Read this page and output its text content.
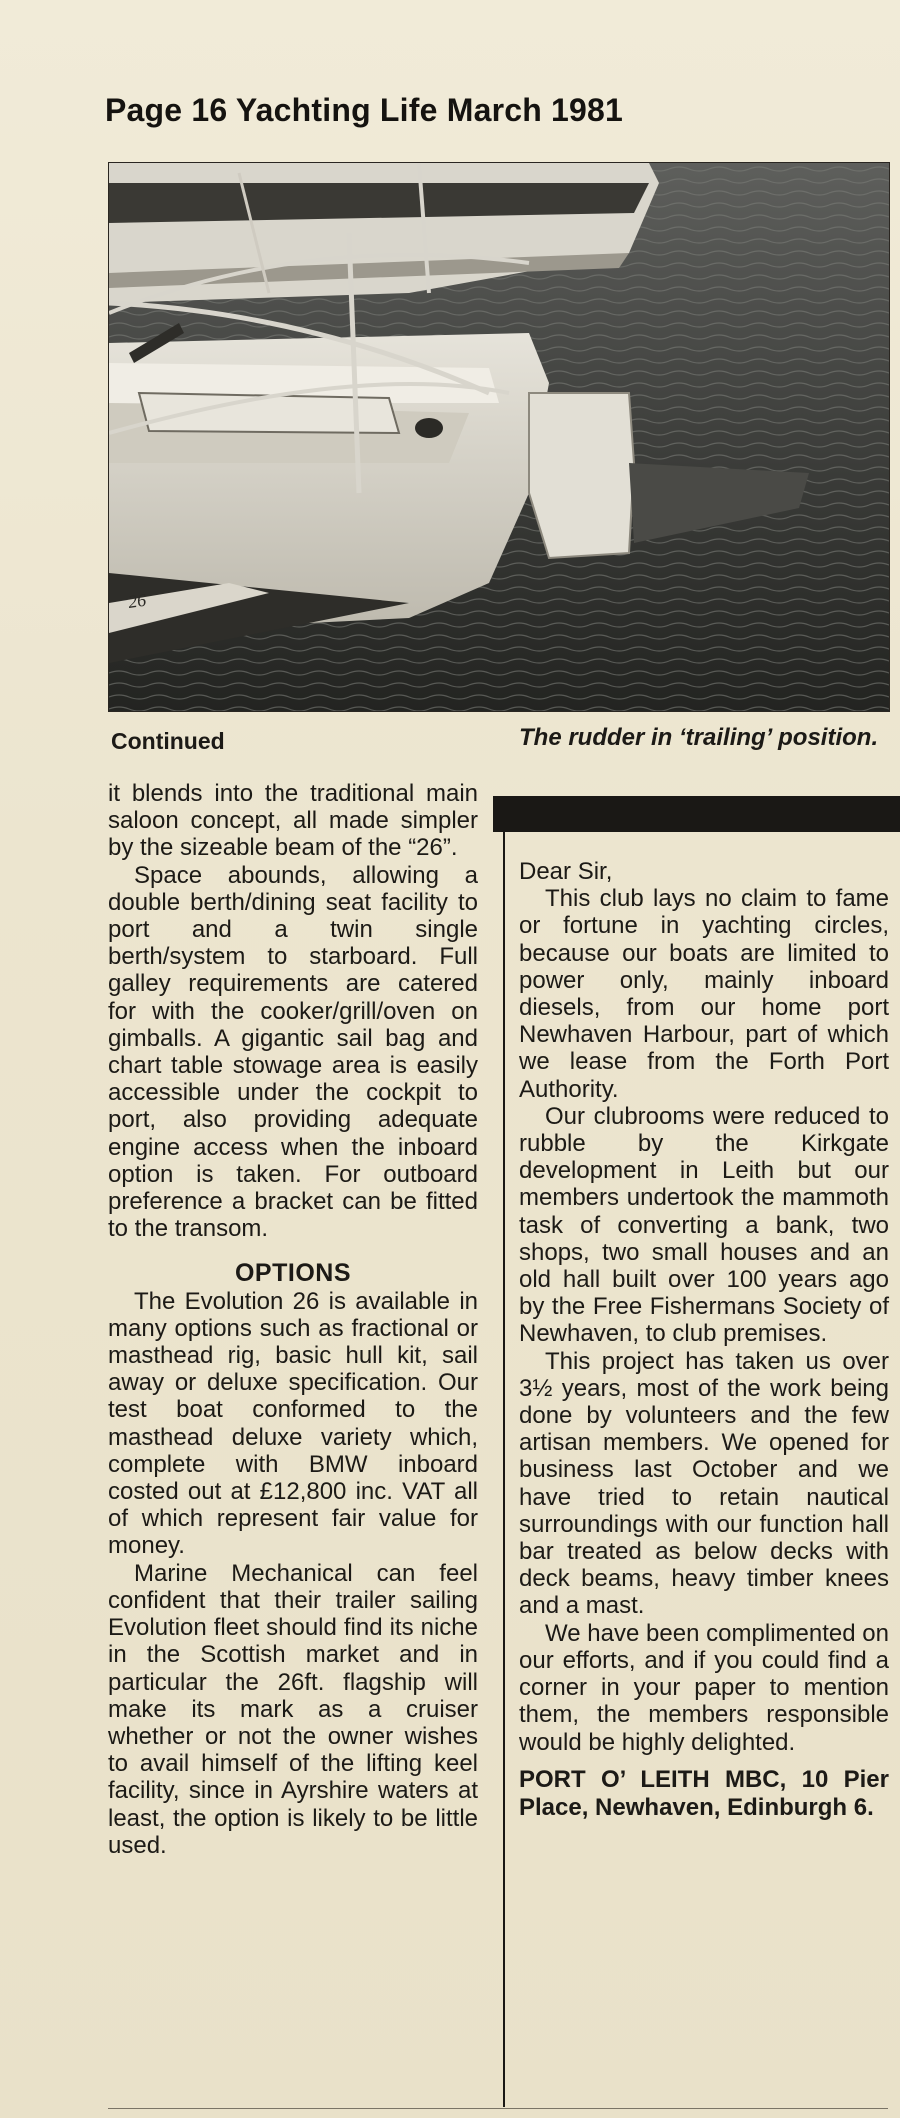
Page 16 Yachting Life March 1981
26
Continued	The rudder in ‘trailing’ position.

it blends into the traditional main saloon concept, all made simpler by the sizeable beam of the “26”.

Space abounds, allowing a double berth/dining seat facility to port and a twin single berth/system to starboard. Full galley requirements are catered for with the cooker/grill/oven on gimballs. A gigantic sail bag and chart table stowage area is easily accessible under the cockpit to port, also providing adequate engine access when the inboard option is taken. For outboard preference a bracket can be fitted to the transom.

OPTIONS

The Evolution 26 is available in many options such as fractional or masthead rig, basic hull kit, sail away or deluxe specification. Our test boat conformed to the masthead deluxe variety which, complete with BMW inboard costed out at £12,800 inc. VAT all of which represent fair value for money.

Marine Mechanical can feel confident that their trailer sailing Evolution fleet should find its niche in the Scottish market and in particular the 26ft. flagship will make its mark as a cruiser whether or not the owner wishes to avail himself of the lifting keel facility, since in Ayrshire waters at least, the option is likely to be little used.

Dear Sir,

This club lays no claim to fame or fortune in yachting circles, because our boats are limited to power only, mainly inboard diesels, from our home port Newhaven Harbour, part of which we lease from the Forth Port Authority.

Our clubrooms were reduced to rubble by the Kirkgate development in Leith but our members undertook the mammoth task of converting a bank, two shops, two small houses and an old hall built over 100 years ago by the Free Fishermans Society of Newhaven, to club premises.

This project has taken us over 3½ years, most of the work being done by volunteers and the few artisan members. We opened for business last October and we have tried to retain nautical surroundings with our function hall bar treated as below decks with deck beams, heavy timber knees and a mast.

We have been complimented on our efforts, and if you could find a corner in your paper to mention them, the members responsible would be highly delighted.

PORT O’ LEITH MBC, 10 Pier Place, Newhaven, Edinburgh 6.
